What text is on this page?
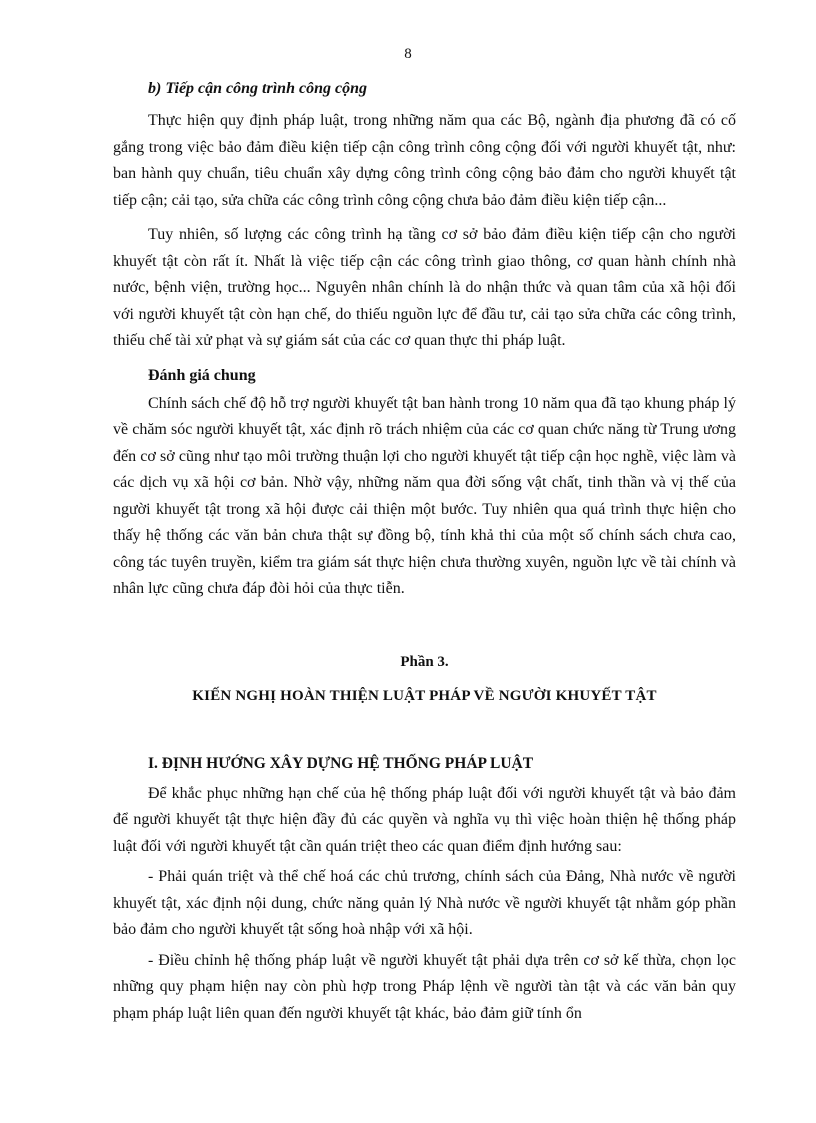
8

b) Tiếp cận công trình công cộng

Thực hiện quy định pháp luật, trong những năm qua các Bộ, ngành địa phương đã có cố gắng trong việc bảo đảm điều kiện tiếp cận công trình công cộng đối với người khuyết tật, như: ban hành quy chuẩn, tiêu chuẩn xây dựng công trình công cộng bảo đảm cho người khuyết tật tiếp cận; cải tạo, sửa chữa các công trình công cộng chưa bảo đảm điều kiện tiếp cận...

Tuy nhiên, số lượng các công trình hạ tầng cơ sở bảo đảm điều kiện tiếp cận cho người khuyết tật còn rất ít. Nhất là việc tiếp cận các công trình giao thông, cơ quan hành chính nhà nước, bệnh viện, trường học... Nguyên nhân chính là do nhận thức và quan tâm của xã hội đối với người khuyết tật còn hạn chế, do thiếu nguồn lực để đầu tư, cải tạo sửa chữa các công trình, thiếu chế tài xử phạt và sự giám sát của các cơ quan thực thi pháp luật.

Đánh giá chung

Chính sách chế độ hỗ trợ người khuyết tật ban hành trong 10 năm qua đã tạo khung pháp lý về chăm sóc người khuyết tật, xác định rõ trách nhiệm của các cơ quan chức năng từ Trung ương đến cơ sở cũng như tạo môi trường thuận lợi cho người khuyết tật tiếp cận học nghề, việc làm và các dịch vụ xã hội cơ bản. Nhờ vậy, những năm qua đời sống vật chất, tinh thần và vị thế của người khuyết tật trong xã hội được cải thiện một bước. Tuy nhiên qua quá trình thực hiện cho thấy hệ thống các văn bản chưa thật sự đồng bộ, tính khả thi của một số chính sách chưa cao, công tác tuyên truyền, kiểm tra giám sát thực hiện chưa thường xuyên, nguồn lực về tài chính và nhân lực cũng chưa đáp đòi hỏi của thực tiễn.

Phần 3.

KIẾN NGHỊ HOÀN THIỆN LUẬT PHÁP VỀ NGƯỜI KHUYẾT TẬT

I. ĐỊNH HƯỚNG XÂY DỰNG HỆ THỐNG PHÁP LUẬT

Để khắc phục những hạn chế của hệ thống pháp luật đối với người khuyết tật và bảo đảm để người khuyết tật thực hiện đầy đủ các quyền và nghĩa vụ thì việc hoàn thiện hệ thống pháp luật đối với người khuyết tật cần quán triệt theo các quan điểm định hướng sau:

- Phải quán triệt và thể chế hoá các chủ trương, chính sách của Đảng, Nhà nước về người khuyết tật, xác định nội dung, chức năng quản lý Nhà nước về người khuyết tật nhằm góp phần bảo đảm cho người khuyết tật sống hoà nhập với xã hội.

- Điều chỉnh hệ thống pháp luật về người khuyết tật phải dựa trên cơ sở kế thừa, chọn lọc những quy phạm hiện nay còn phù hợp trong Pháp lệnh về người tàn tật và các văn bản quy phạm pháp luật liên quan đến người khuyết tật khác, bảo đảm giữ tính ổn
